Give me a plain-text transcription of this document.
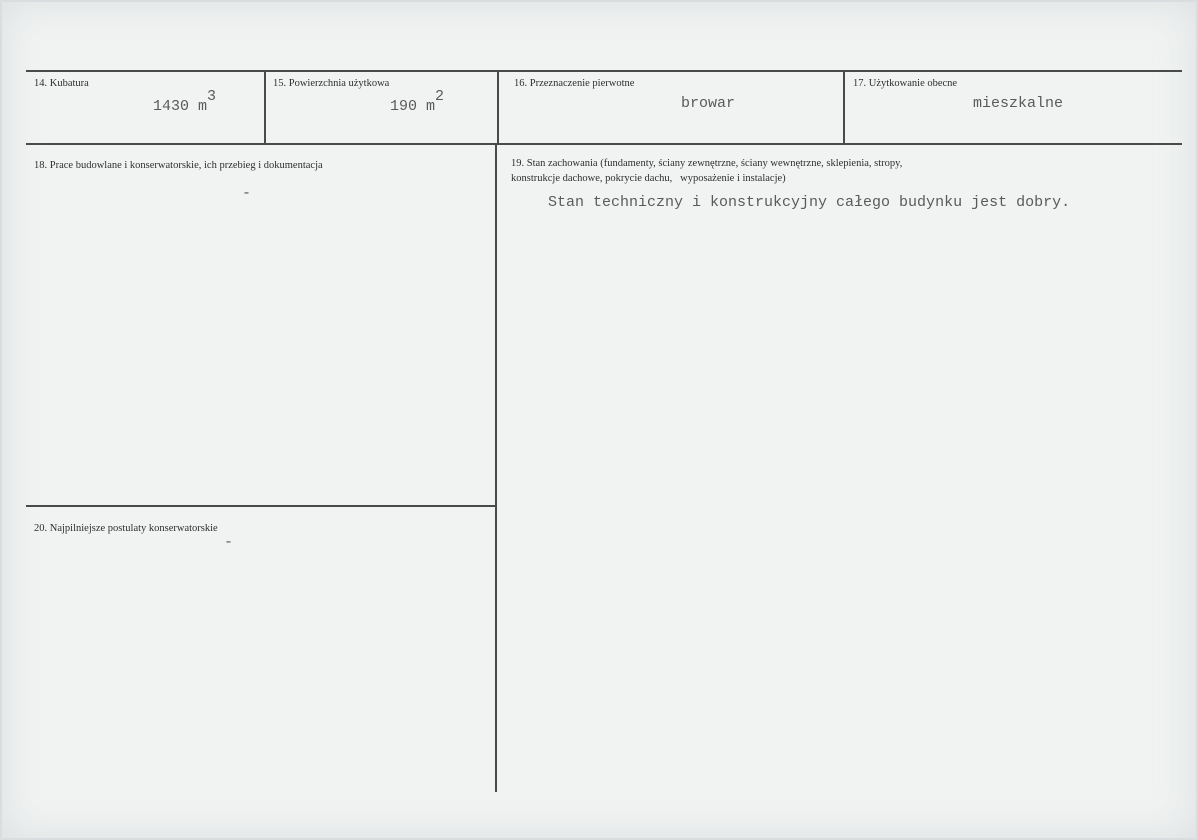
14. Kubatura
1430 m3
15. Powierzchnia użytkowa
190 m2
16. Przeznaczenie pierwotne
browar
17. Użytkowanie obecne
mieszkalne
18. Prace budowlane i konserwatorskie, ich przebieg i dokumentacja
-
19. Stan zachowania (fundamenty, ściany zewnętrzne, ściany wewnętrzne, sklepienia, stropy,
konstrukcje dachowe, pokrycie dachu,   wyposażenie i instalacje)
Stan techniczny i konstrukcyjny całego budynku jest dobry.
20. Najpilniejsze postulaty konserwatorskie
-
